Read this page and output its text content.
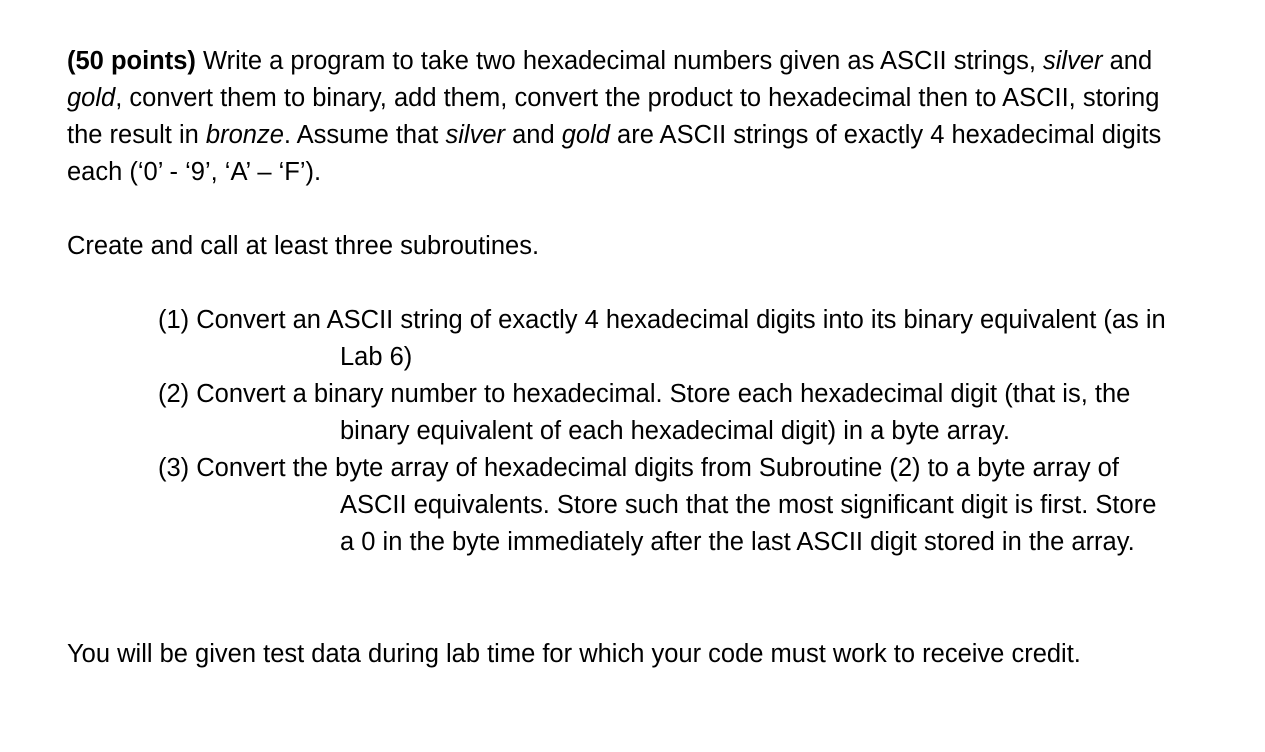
(50 points) Write a program to take two hexadecimal numbers given as ASCII strings, silver and gold, convert them to binary, add them, convert the product to hexadecimal then to ASCII, storing the result in bronze. Assume that silver and gold are ASCII strings of exactly 4 hexadecimal digits each (‘0’ - ‘9’, ‘A’ – ‘F’).

Create and call at least three subroutines.

(1) Convert an ASCII string of exactly 4 hexadecimal digits into its binary equivalent (as in Lab 6)
(2) Convert a binary number to hexadecimal. Store each hexadecimal digit (that is, the binary equivalent of each hexadecimal digit) in a byte array.
(3) Convert the byte array of hexadecimal digits from Subroutine (2) to a byte array of ASCII equivalents. Store such that the most significant digit is first. Store a 0 in the byte immediately after the last ASCII digit stored in the array.

You will be given test data during lab time for which your code must work to receive credit.
